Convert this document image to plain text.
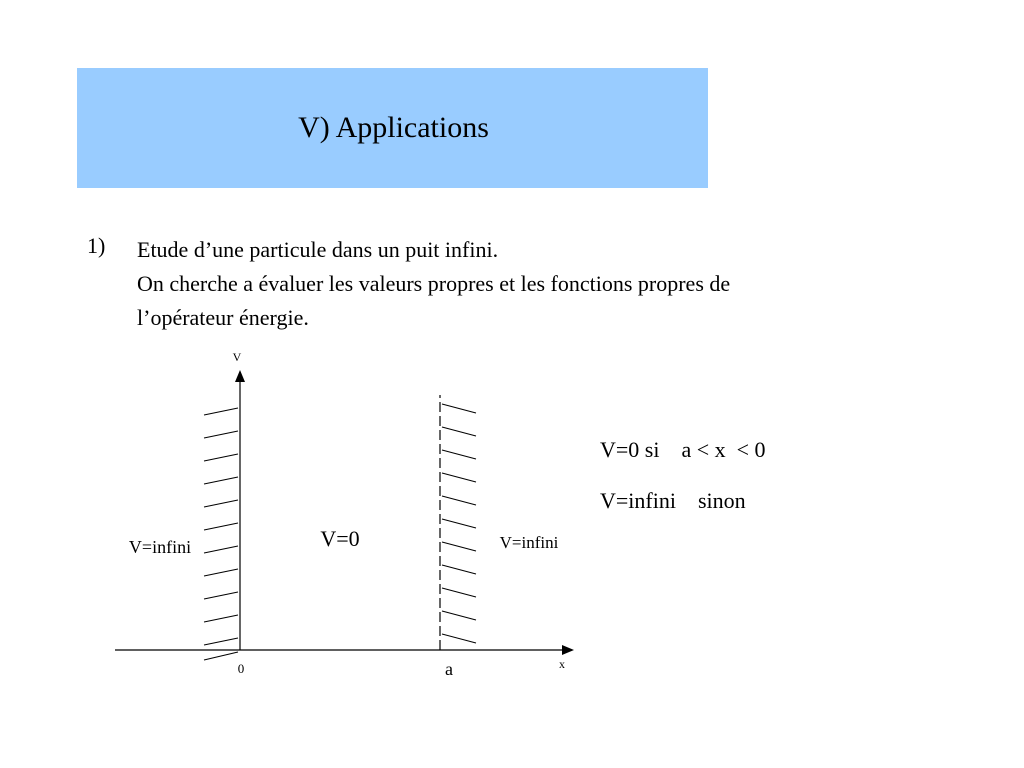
V) Applications
1) Etude d’une particule dans un puit infini.
On cherche a évaluer les valeurs propres et les fonctions propres de
l’opérateur énergie.
V
x
0	a
V=infini	V=0	V=infini
V=0 si    a < x  < 0
V=infini    sinon
